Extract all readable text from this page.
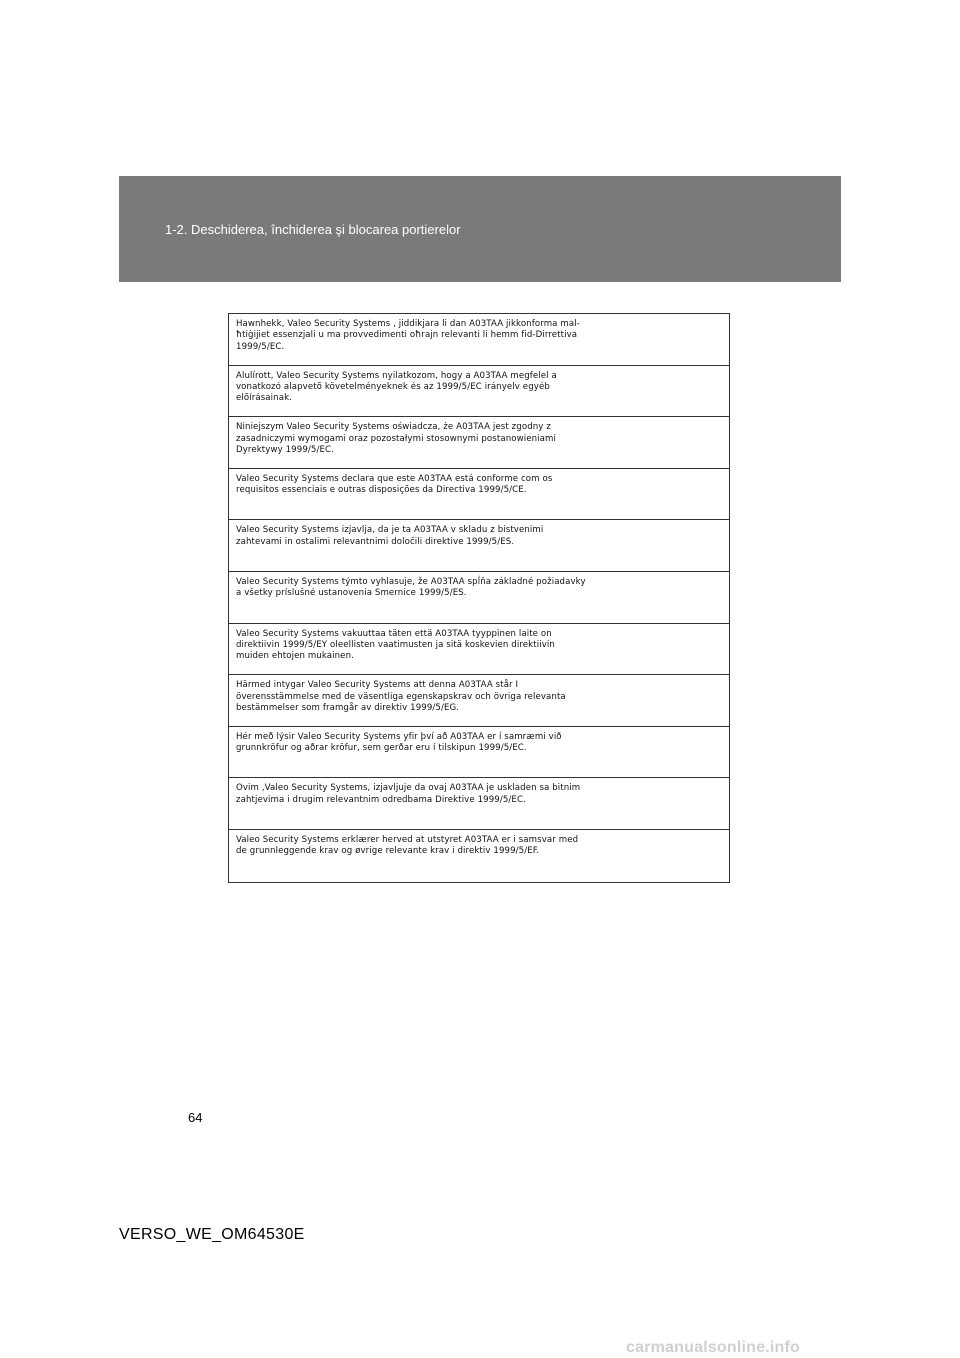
1-2. Deschiderea, închiderea şi blocarea portierelor
Hawnhekk, Valeo Security Systems , jiddikjara li dan A03TAA jikkonforma mal-
ħtiġijiet essenzjali u ma provvedimenti oħrajn relevanti li hemm fid-Dirrettiva
1999/5/EC.
Alulírott, Valeo Security Systems nyilatkozom, hogy a A03TAA megfelel a
vonatkozó alapvetõ követelményeknek és az 1999/5/EC irányelv egyéb
elõírásainak.
Niniejszym Valeo Security Systems oświadcza, że A03TAA jest zgodny z
zasadniczymi wymogami oraz pozostałymi stosownymi postanowieniami
Dyrektywy 1999/5/EC.
Valeo Security Systems declara que este A03TAA está conforme com os
requisitos essenciais e outras disposições da Directiva 1999/5/CE.
Valeo Security Systems izjavlja, da je ta A03TAA v skladu z bistvenimi
zahtevami in ostalimi relevantnimi določili direktive 1999/5/ES.
Valeo Security Systems týmto vyhlasuje, že A03TAA spĺňa základné požiadavky
a všetky príslušné ustanovenia Smernice 1999/5/ES.
Valeo Security Systems vakuuttaa täten että A03TAA tyyppinen laite on
direktiivin 1999/5/EY oleellisten vaatimusten ja sitä koskevien direktiivin
muiden ehtojen mukainen.
Härmed intygar Valeo Security Systems att denna A03TAA står I
överensstämmelse med de väsentliga egenskapskrav och övriga relevanta
bestämmelser som framgår av direktiv 1999/5/EG.
Hér með lýsir Valeo Security Systems yfir því að A03TAA er í samræmi við
grunnkröfur og aðrar kröfur, sem gerðar eru í tilskipun 1999/5/EC.
Ovim ,Valeo Security Systems, izjavljuje da ovaj A03TAA je uskladen sa bitnim
zahtjevima i drugim relevantnim odredbama Direktive 1999/5/EC.
Valeo Security Systems erklærer herved at utstyret A03TAA er i samsvar med
de grunnleggende krav og øvrige relevante krav i direktiv 1999/5/EF.
64
VERSO_WE_OM64530E
carmanualsonline.info
